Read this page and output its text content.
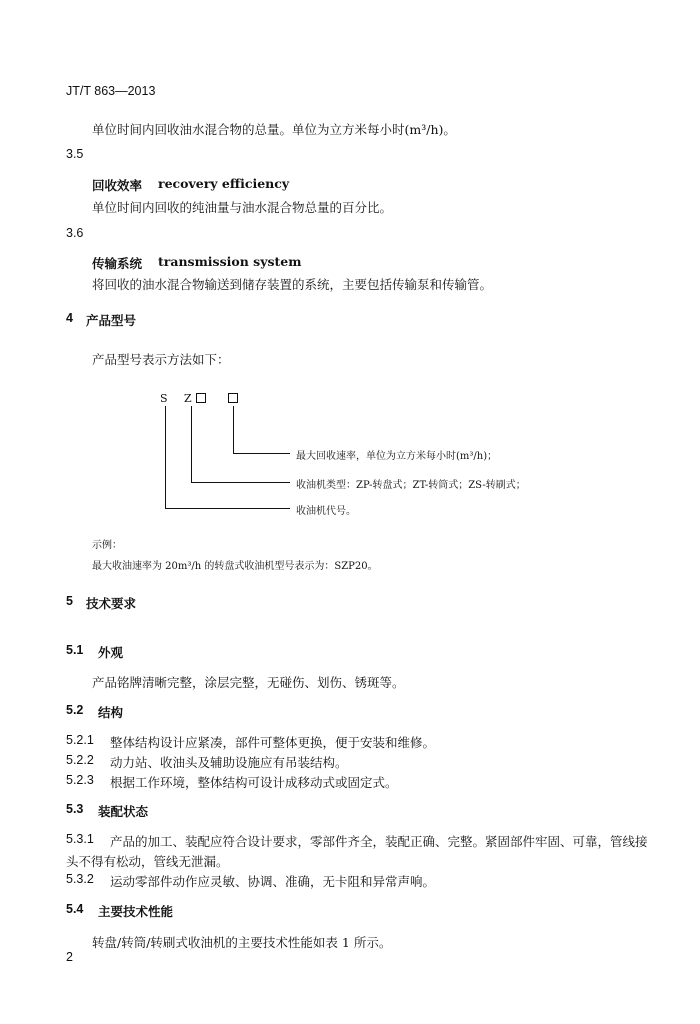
JT/T 863—2013
单位时间内回收油水混合物的总量。单位为立方米每小时(m³/h)。
3.5
回收效率 recovery efficiency
单位时间内回收的纯油量与油水混合物总量的百分比。
3.6
传输系统 transmission system
将回收的油水混合物输送到储存装置的系统，主要包括传输泵和传输管。
4 产品型号
产品型号表示方法如下：
S Z
最大回收速率，单位为立方米每小时(m³/h)；
收油机类型：ZP-转盘式；ZT-转筒式；ZS-转刷式；
收油机代号。
示例：
最大收油速率为 20m³/h 的转盘式收油机型号表示为：SZP20。
5 技术要求
5.1 外观
产品铭牌清晰完整，涂层完整，无碰伤、划伤、锈斑等。
5.2 结构
5.2.1 整体结构设计应紧凑，部件可整体更换，便于安装和维修。
5.2.2 动力站、收油头及辅助设施应有吊装结构。
5.2.3 根据工作环境，整体结构可设计成移动式或固定式。
5.3 装配状态
5.3.1 产品的加工、装配应符合设计要求，零部件齐全，装配正确、完整。紧固部件牢固、可靠，管线接
头不得有松动，管线无泄漏。
5.3.2 运动零部件动作应灵敏、协调、准确，无卡阻和异常声响。
5.4 主要技术性能
转盘/转筒/转刷式收油机的主要技术性能如表 1 所示。
2
